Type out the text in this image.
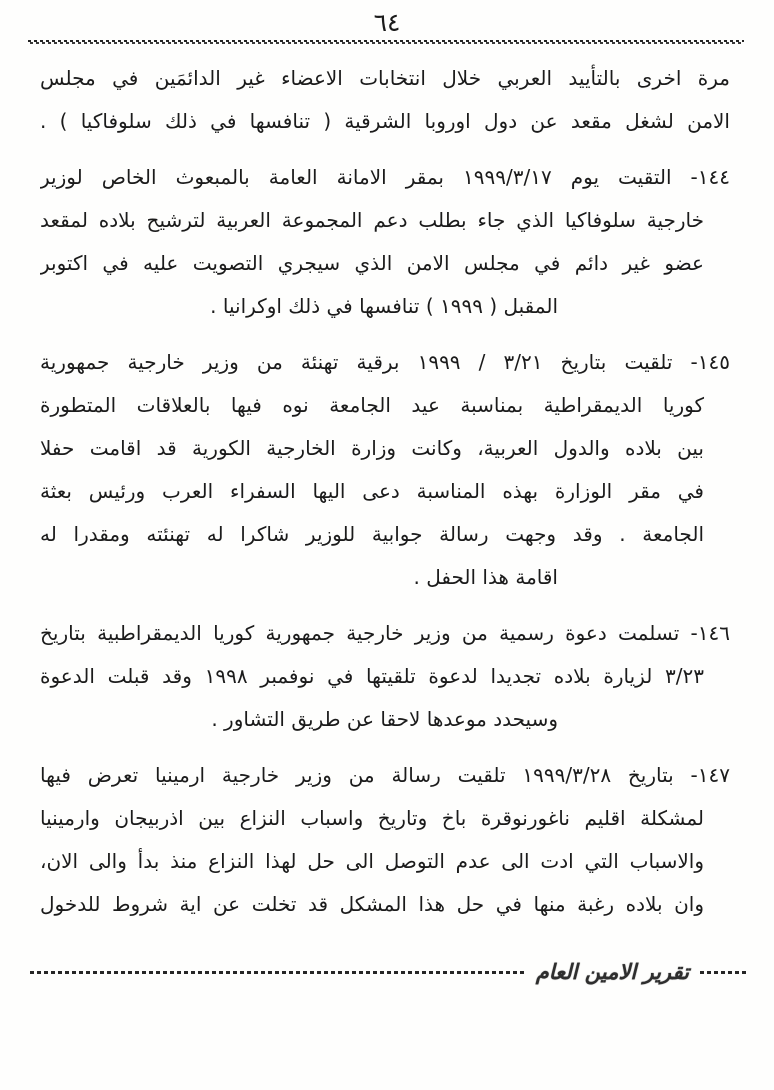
٦٤
مرة اخرى بالتأييد العربي خلال انتخابات الاعضاء غير الدائمَين في مجلس
الامن لشغل مقعد عن دول اوروبا الشرقية ( تنافسها في ذلك سلوفاكيا ) .
١٤٤- التقيت يوم ١٩٩٩/٣/١٧ بمقر الامانة العامة بالمبعوث الخاص لوزير
خارجية سلوفاكيا الذي جاء بطلب دعم المجموعة العربية لترشيح بلاده لمقعد
عضو غير دائم في مجلس الامن الذي سيجري التصويت عليه في اكتوبر
المقبل ( ١٩٩٩ ) تنافسها في ذلك اوكرانيا .
١٤٥- تلقيت بتاريخ ٣/٢١ / ١٩٩٩ برقية تهنئة من وزير خارجية جمهورية
كوريا الديمقراطية بمناسبة عيد الجامعة نوه فيها بالعلاقات المتطورة
بين بلاده والدول العربية، وكانت وزارة الخارجية الكورية قد اقامت حفلا
في مقر الوزارة بهذه المناسبة دعى اليها السفراء العرب ورئيس بعثة
الجامعة . وقد وجهت رسالة جوابية للوزير شاكرا له تهنئته ومقدرا له
اقامة هذا الحفل .
١٤٦- تسلمت دعوة رسمية من وزير خارجية جمهورية كوريا الديمقراطبية بتاريخ
٣/٢٣ لزيارة بلاده تجديدا لدعوة تلقيتها في نوفمبر ١٩٩٨ وقد قبلت الدعوة
وسيحدد موعدها لاحقا عن طريق التشاور .
١٤٧- بتاريخ ١٩٩٩/٣/٢٨ تلقيت رسالة من وزير خارجية ارمينيا تعرض فيها
لمشكلة اقليم ناغورنوقرة باخ وتاريخ واسباب النزاع بين اذربيجان وارمينيا
والاسباب التي ادت الى عدم التوصل الى حل لهذا النزاع منذ بدأ والى الان،
وان بلاده رغبة منها في حل هذا المشكل قد تخلت عن اية شروط للدخول
تقرير الامين العام
